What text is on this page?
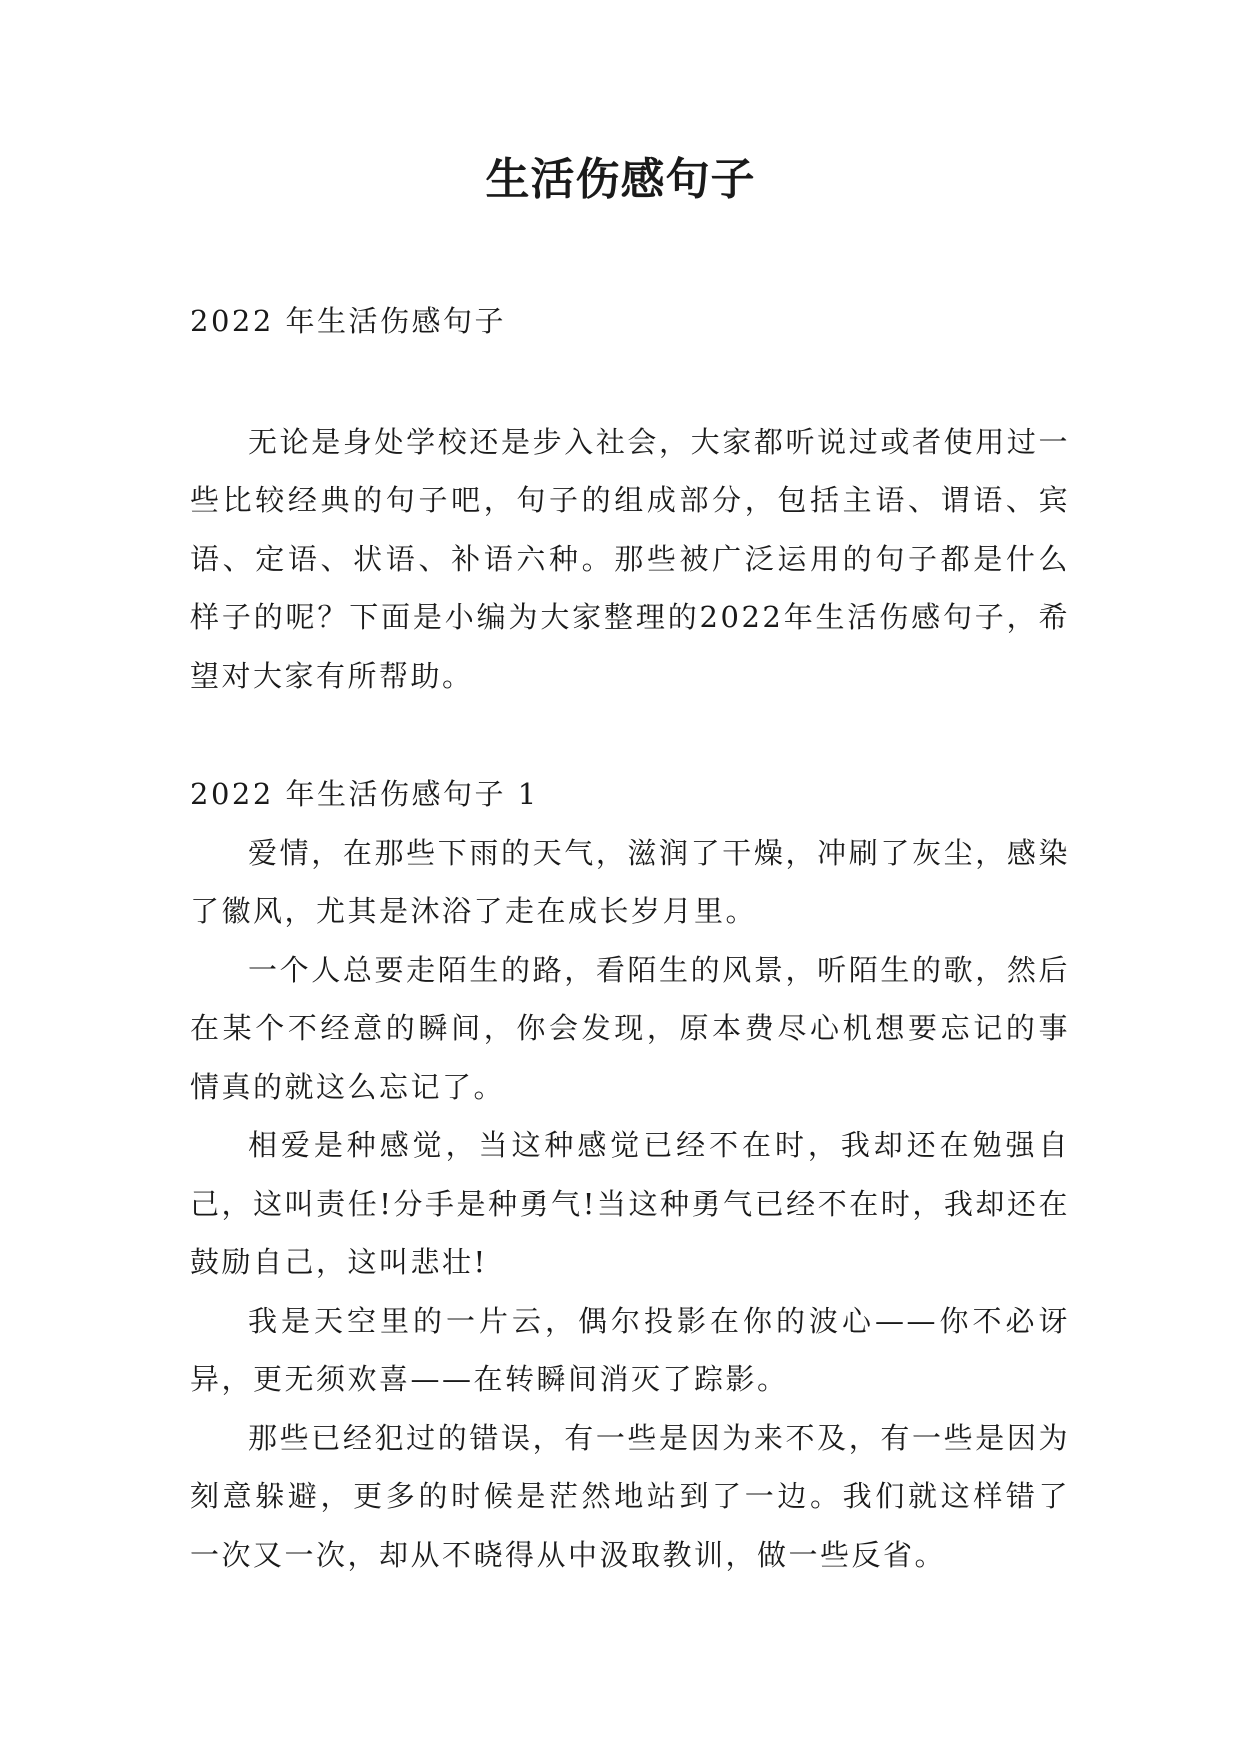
生活伤感句子

2022 年生活伤感句子

无论是身处学校还是步入社会，大家都听说过或者使用过一些比较经典的句子吧，句子的组成部分，包括主语、谓语、宾语、定语、状语、补语六种。那些被广泛运用的句子都是什么样子的呢？下面是小编为大家整理的2022年生活伤感句子，希望对大家有所帮助。

2022 年生活伤感句子 1

爱情，在那些下雨的天气，滋润了干燥，冲刷了灰尘，感染了徽风，尤其是沐浴了走在成长岁月里。

一个人总要走陌生的路，看陌生的风景，听陌生的歌，然后在某个不经意的瞬间，你会发现，原本费尽心机想要忘记的事情真的就这么忘记了。

相爱是种感觉，当这种感觉已经不在时，我却还在勉强自己，这叫责任!分手是种勇气!当这种勇气已经不在时，我却还在鼓励自己，这叫悲壮!

我是天空里的一片云，偶尔投影在你的波心——你不必讶异，更无须欢喜——在转瞬间消灭了踪影。

那些已经犯过的错误，有一些是因为来不及，有一些是因为刻意躲避，更多的时候是茫然地站到了一边。我们就这样错了一次又一次，却从不晓得从中汲取教训，做一些反省。
